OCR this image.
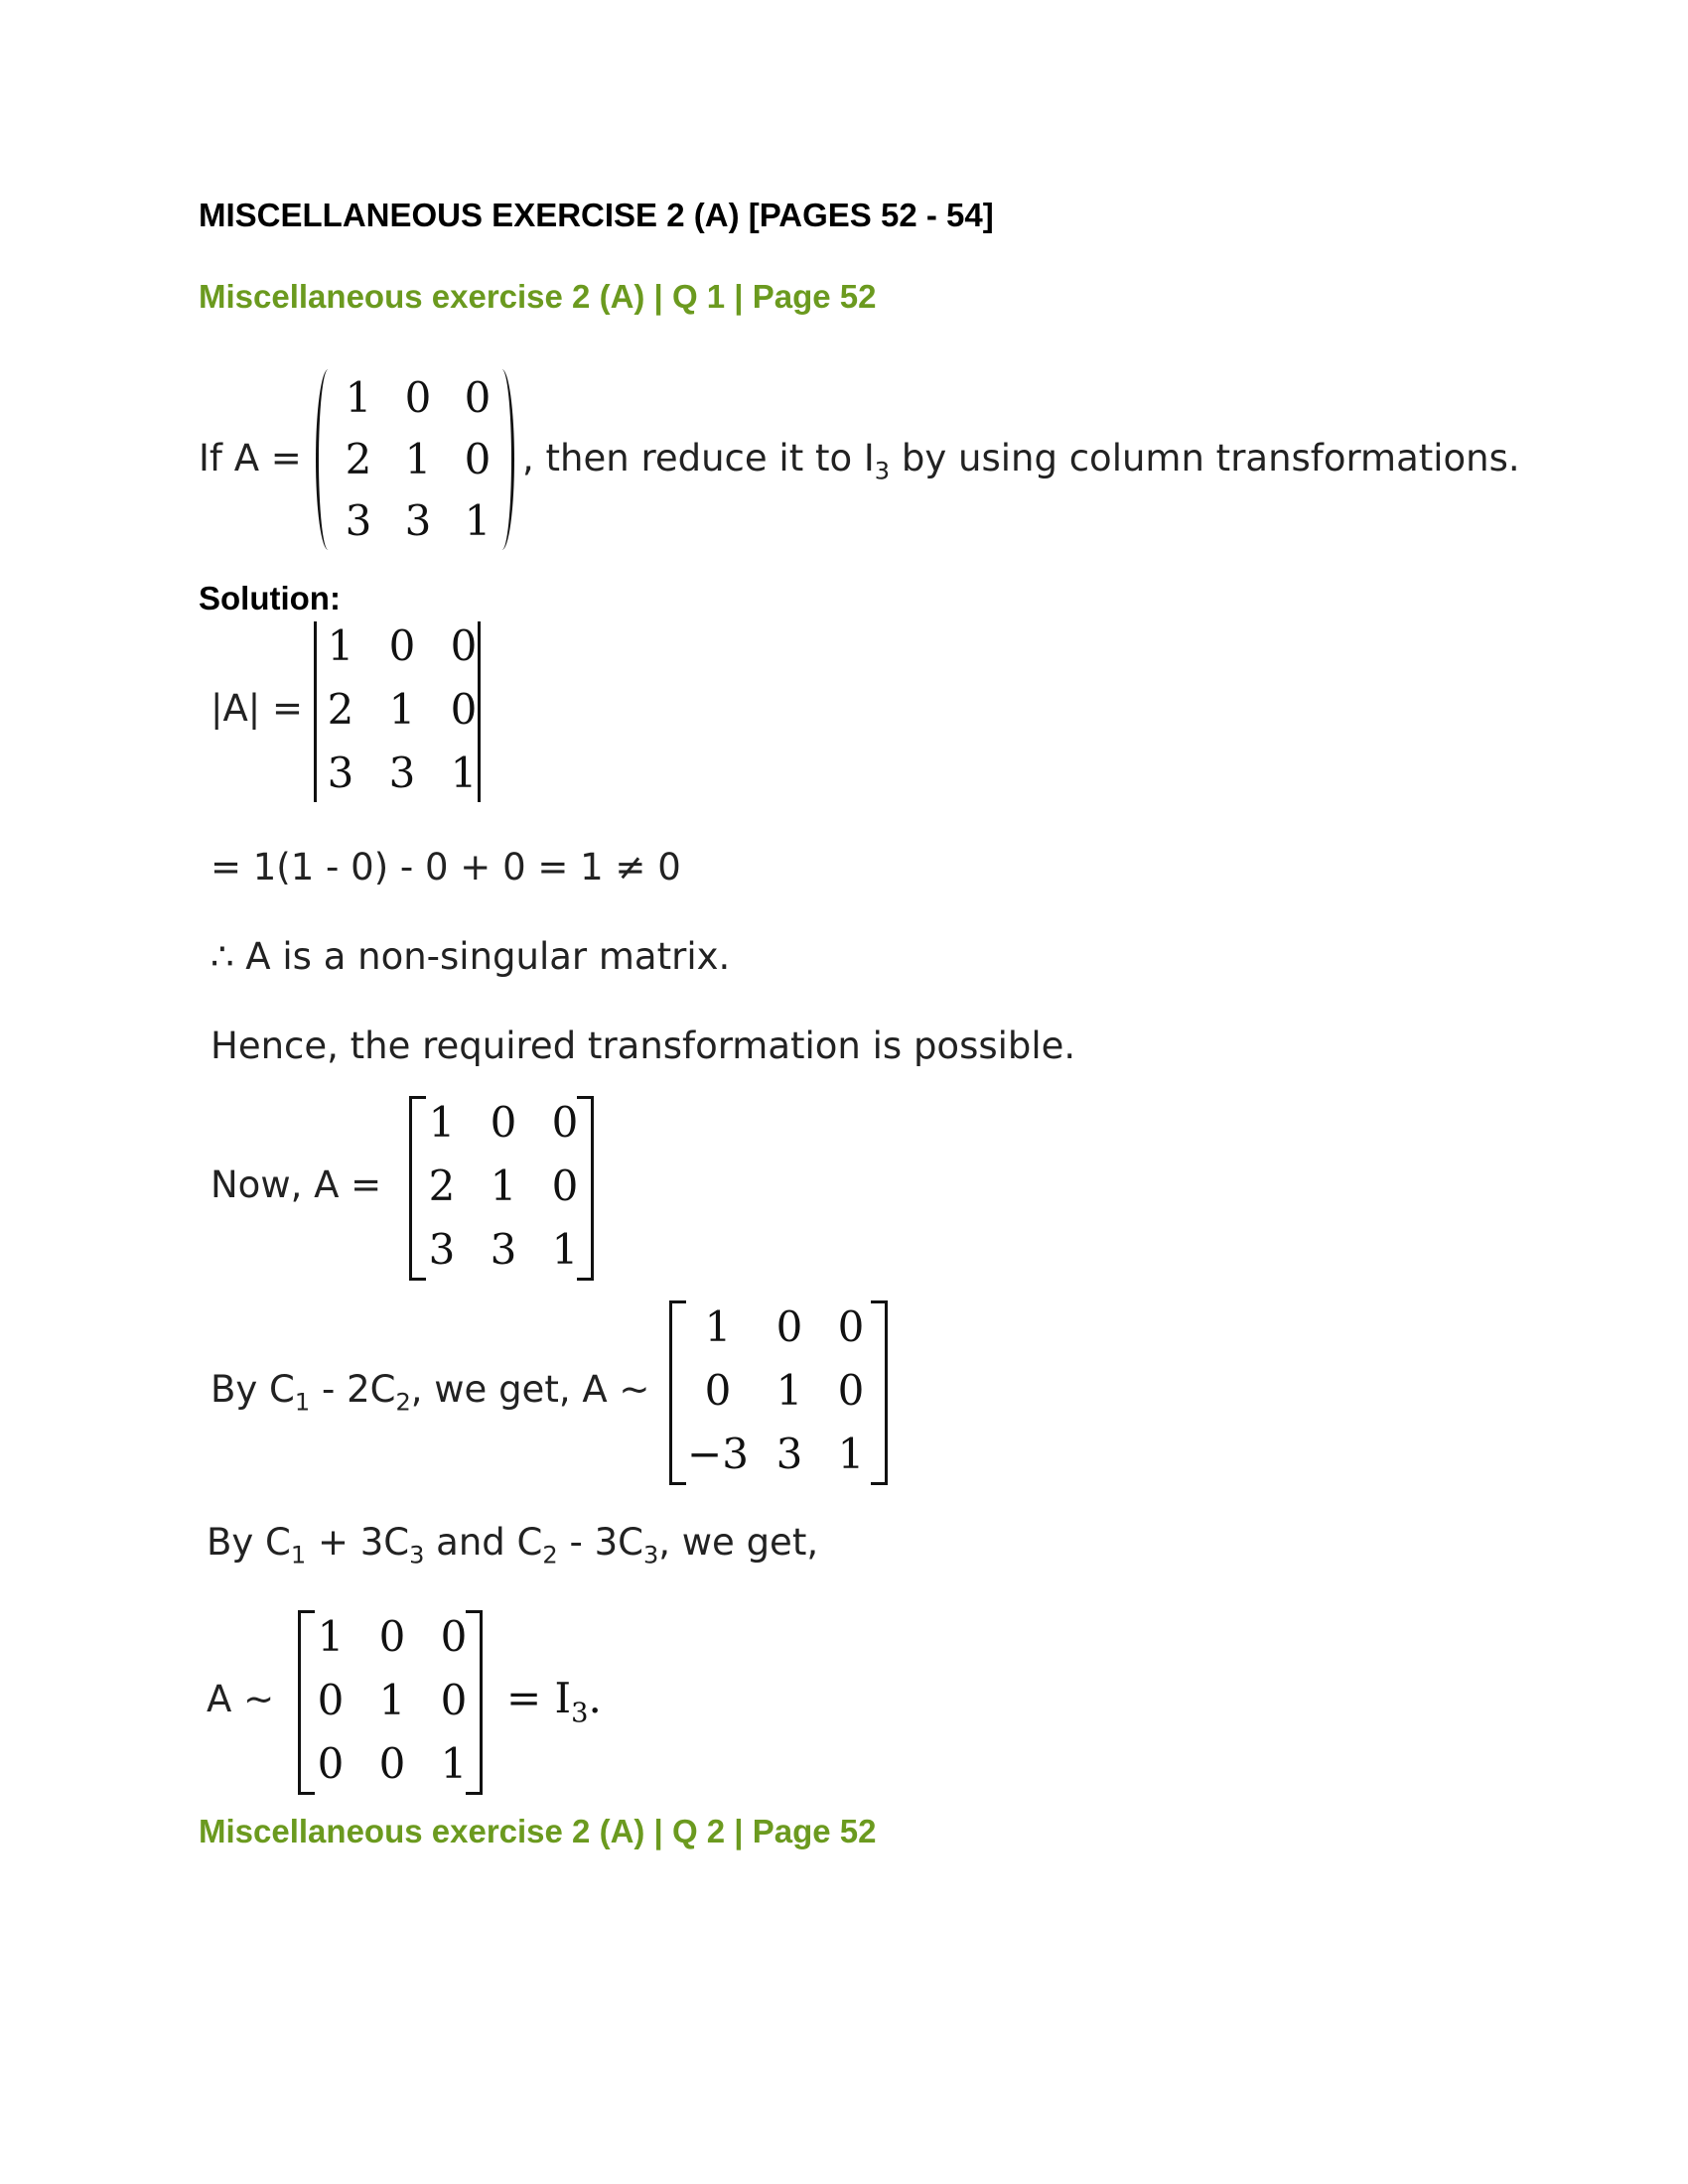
MISCELLANEOUS EXERCISE 2 (A) [PAGES 52 - 54]
Miscellaneous exercise 2 (A) | Q 1 | Page 52
If A =
1 0 0
2 1 0
3 3 1
, then reduce it to $I_3$ by using column transformations.
Solution:
|A| =
1 0 0
2 1 0
3 3 1
= 1(1 - 0) - 0 + 0 = 1 ≠ 0
∴ A is a non-singular matrix.
Hence, the required transformation is possible.
Now, A =
1 0 0
2 1 0
3 3 1
By $C_1 - 2C_2$, we get, A ~
1	0 0
0	1 0
−3 3 1
By $C_1 + 3C_3$ and $C_2 - 3C_3$, we get,
A ~
1 0 0
0 1 0
0 0 1
= $I_3$.
Miscellaneous exercise 2 (A) | Q 2 | Page 52
